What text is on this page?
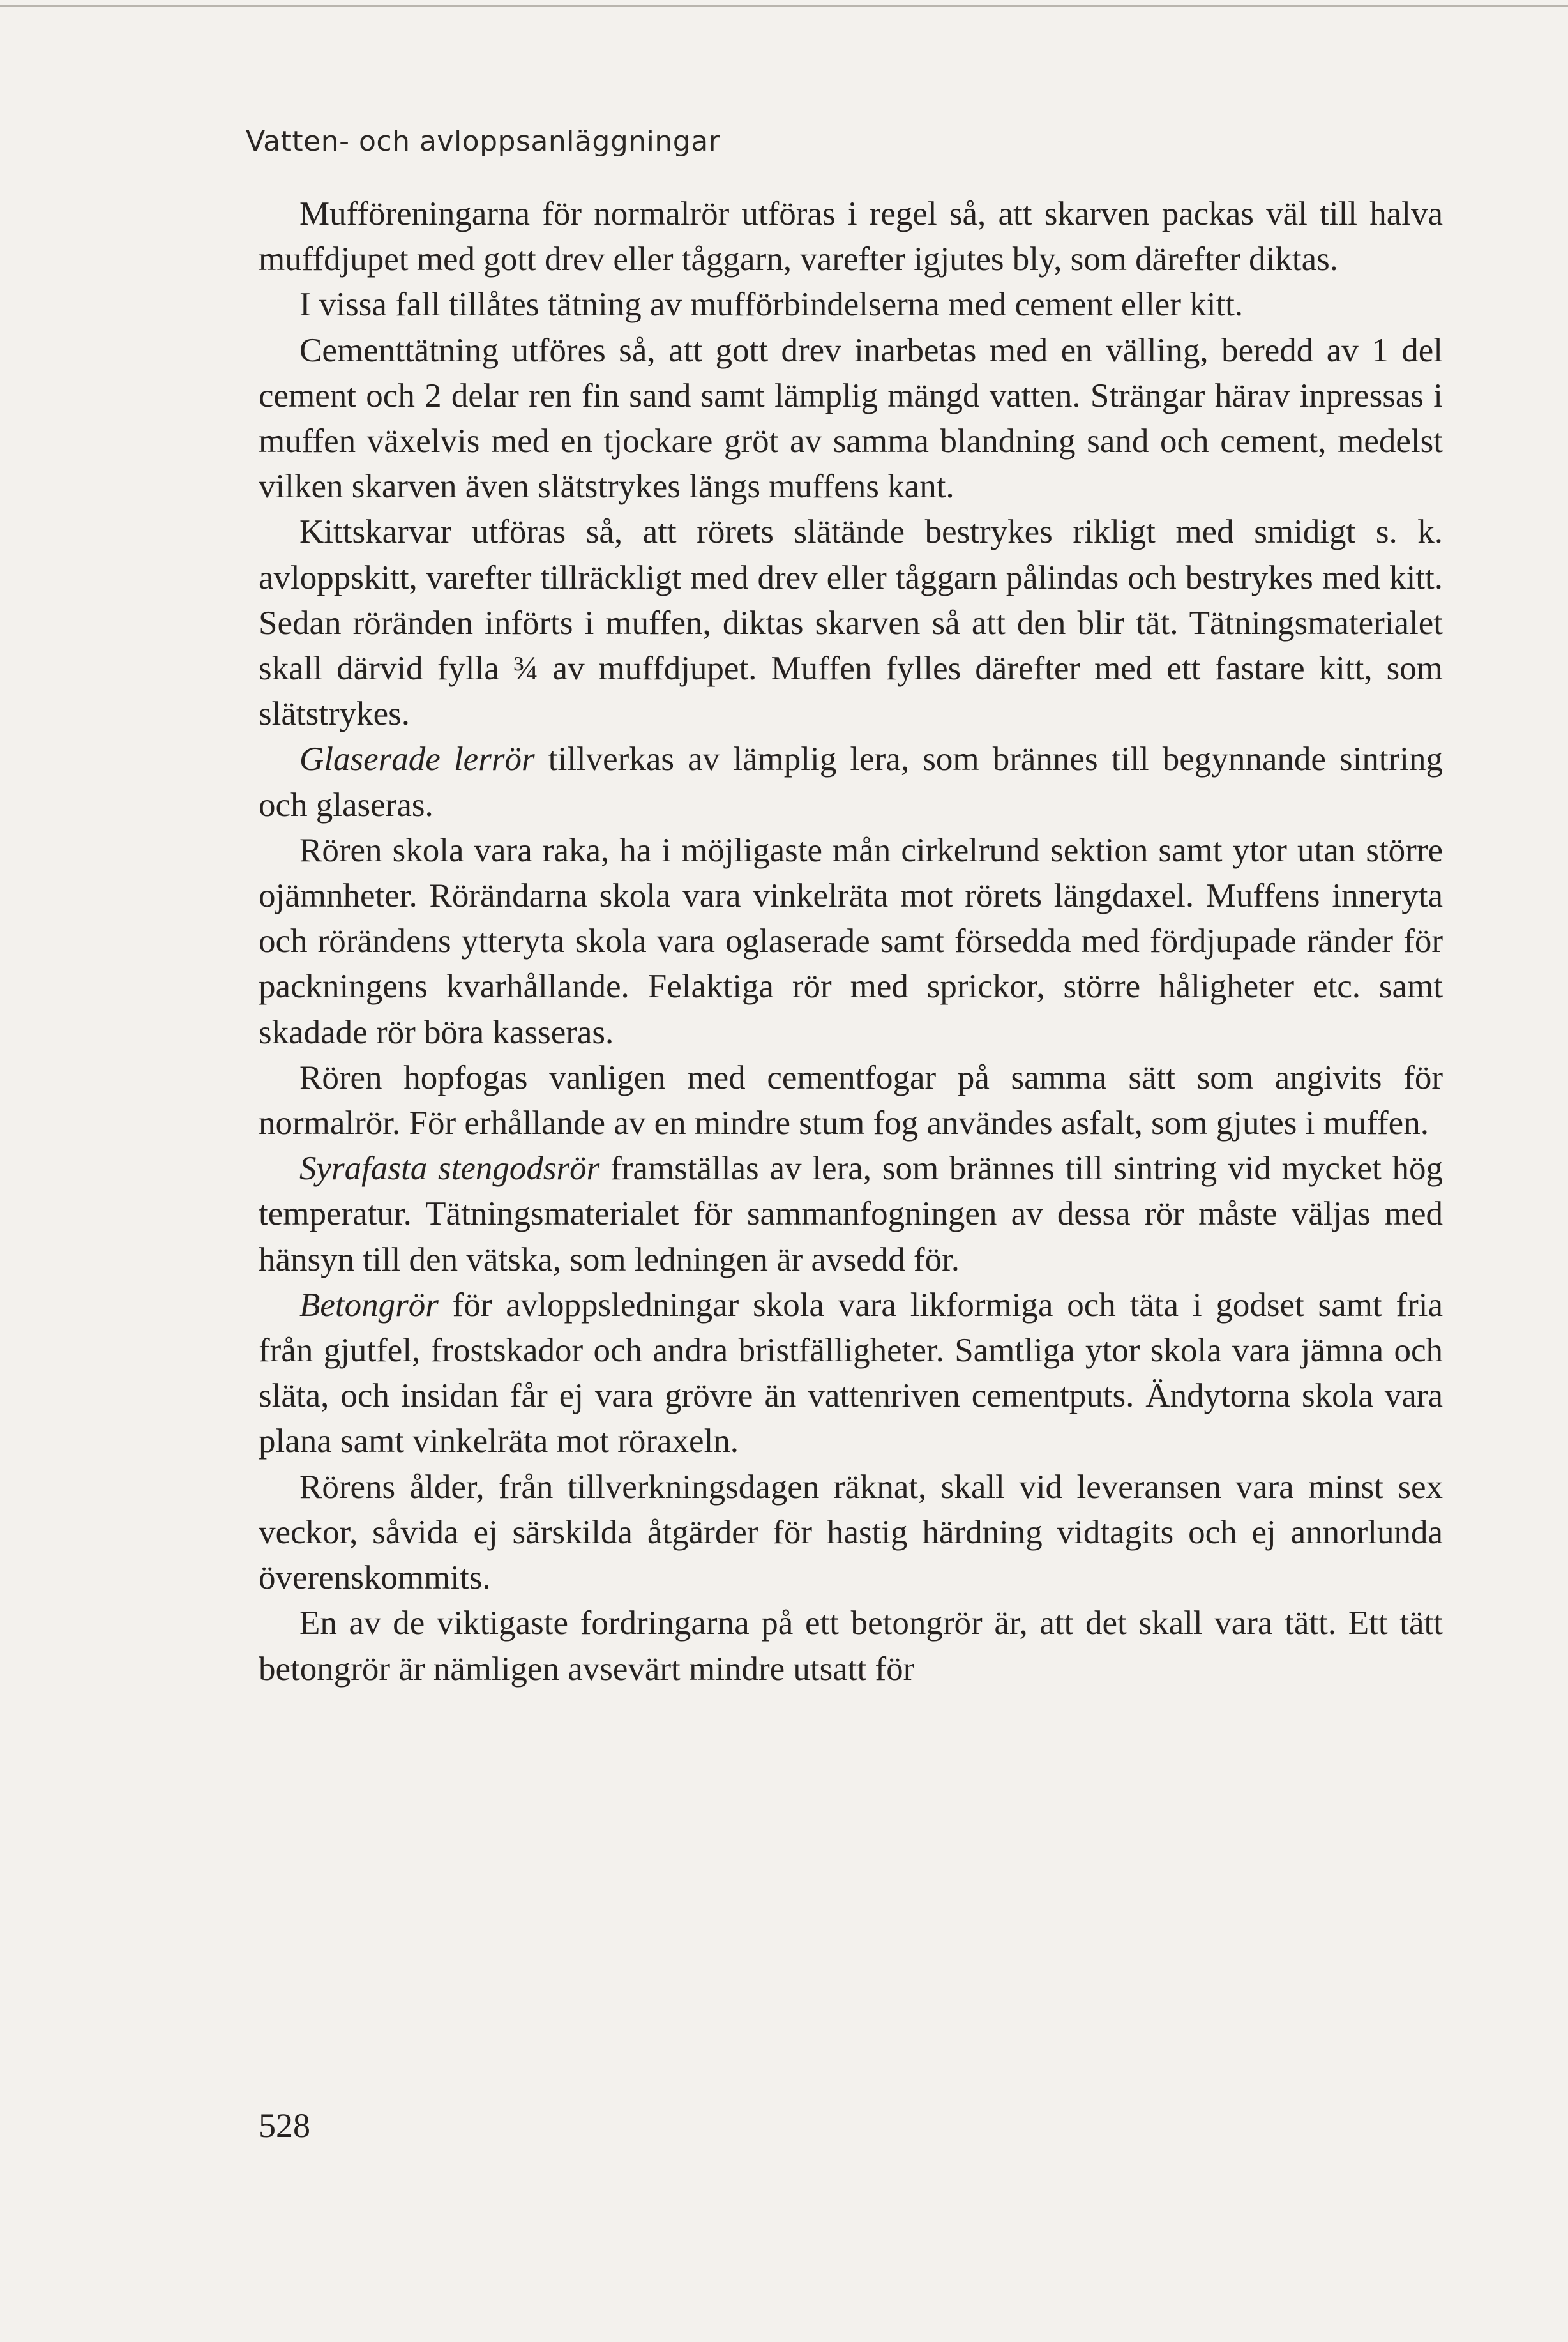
Vatten- och avloppsanläggningar

Mufföreningarna för normalrör utföras i regel så, att skarven packas väl till halva muffdjupet med gott drev eller tåggarn, varefter igjutes bly, som därefter diktas.

I vissa fall tillåtes tätning av mufförbindelserna med cement eller kitt.

Cementtätning utföres så, att gott drev inarbetas med en välling, beredd av 1 del cement och 2 delar ren fin sand samt lämplig mängd vatten. Strängar härav inpressas i muffen växelvis med en tjockare gröt av samma blandning sand och cement, medelst vilken skarven även slätstrykes längs muffens kant.

Kittskarvar utföras så, att rörets slätände bestrykes rikligt med smidigt s. k. avloppskitt, varefter tillräckligt med drev eller tåggarn pålindas och bestrykes med kitt. Sedan röränden införts i muffen, diktas skarven så att den blir tät. Tätningsmaterialet skall därvid fylla ¾ av muffdjupet. Muffen fylles därefter med ett fastare kitt, som slätstrykes.

Glaserade lerrör tillverkas av lämplig lera, som brännes till begynnande sintring och glaseras.

Rören skola vara raka, ha i möjligaste mån cirkelrund sektion samt ytor utan större ojämnheter. Rörändarna skola vara vinkelräta mot rörets längdaxel. Muffens inneryta och rörändens ytteryta skola vara oglaserade samt försedda med fördjupade ränder för packningens kvarhållande. Felaktiga rör med sprickor, större håligheter etc. samt skadade rör böra kasseras.

Rören hopfogas vanligen med cementfogar på samma sätt som angivits för normalrör. För erhållande av en mindre stum fog användes asfalt, som gjutes i muffen.

Syrafasta stengodsrör framställas av lera, som brännes till sintring vid mycket hög temperatur. Tätningsmaterialet för sammanfogningen av dessa rör måste väljas med hänsyn till den vätska, som ledningen är avsedd för.

Betongrör för avloppsledningar skola vara likformiga och täta i godset samt fria från gjutfel, frostskador och andra bristfälligheter. Samtliga ytor skola vara jämna och släta, och insidan får ej vara grövre än vattenriven cementputs. Ändytorna skola vara plana samt vinkelräta mot röraxeln.

Rörens ålder, från tillverkningsdagen räknat, skall vid leveransen vara minst sex veckor, såvida ej särskilda åtgärder för hastig härdning vidtagits och ej annorlunda överenskommits.

En av de viktigaste fordringarna på ett betongrör är, att det skall vara tätt. Ett tätt betongrör är nämligen avsevärt mindre utsatt för

528
